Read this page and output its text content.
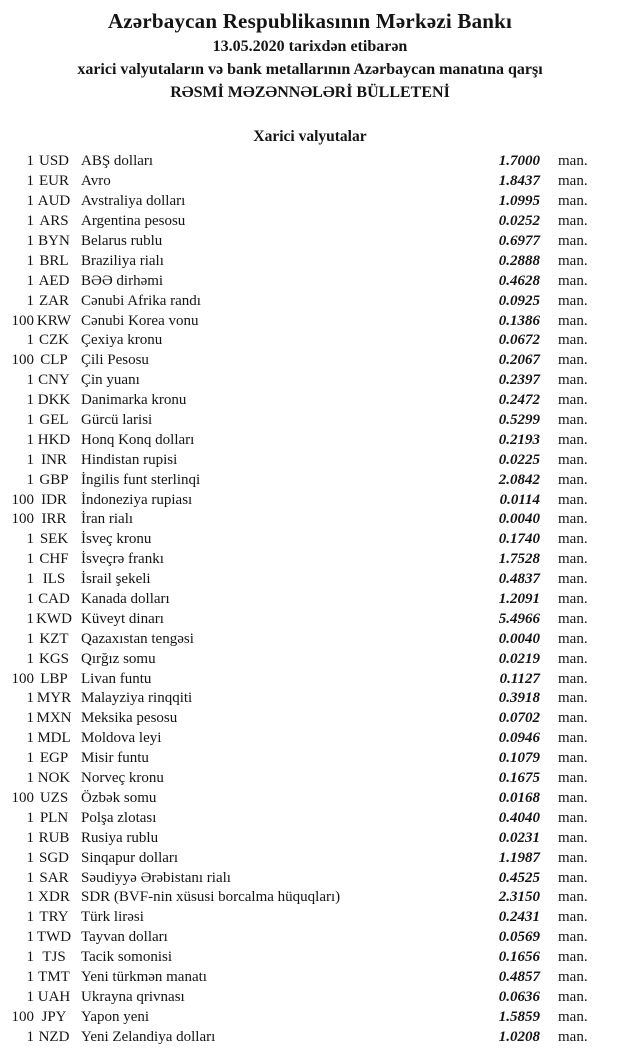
Azərbaycan Respublikasının Mərkəzi Bankı
13.05.2020 tarixdən etibarən
xarici valyutaların və bank metallarının Azərbaycan manatına qarşı
RƏSMİ MƏZƏNNƏLƏRİ BÜLLETENİ
Xarici valyutalar
1 USD ABŞ dolları	1.7000 man.
1 EUR Avro	1.8437 man.
1 AUD Avstraliya dolları	1.0995 man.
1 ARS Argentina pesosu	0.0252 man.
1 BYN Belarus rublu	0.6977 man.
1 BRL Braziliya rialı	0.2888 man.
1 AED BƏƏ dirhəmi	0.4628 man.
1 ZAR Cənubi Afrika randı	0.0925 man.
100 KRW Cənubi Korea vonu	0.1386 man.
1 CZK Çexiya kronu	0.0672 man.
100 CLP Çili Pesosu	0.2067 man.
1 CNY Çin yuanı	0.2397 man.
1 DKK Danimarka kronu	0.2472 man.
1 GEL Gürcü larisi	0.5299 man.
1 HKD Honq Konq dolları	0.2193 man.
1 INR Hindistan rupisi	0.0225 man.
1 GBP İngilis funt sterlinqi	2.0842 man.
100 IDR İndoneziya rupiası	0.0114 man.
100 IRR İran rialı	0.0040 man.
1 SEK İsveç kronu	0.1740 man.
1 CHF İsveçrə frankı	1.7528 man.
1 ILS	İsrail şekeli	0.4837 man.
1 CAD Kanada dolları	1.2091 man.
1 KWD Küveyt dinarı	5.4966 man.
1 KZT Qazaxıstan tengəsi	0.0040 man.
1 KGS Qırğız somu	0.0219 man.
100 LBP Livan funtu	0.1127 man.
1 MYR Malayziya rinqqiti	0.3918 man.
1 MXN Meksika pesosu	0.0702 man.
1 MDL Moldova leyi	0.0946 man.
1 EGP Misir funtu	0.1079 man.
1 NOK Norveç kronu	0.1675 man.
100 UZS Özbək somu	0.0168 man.
1 PLN Polşa zlotası	0.4040 man.
1 RUB Rusiya rublu	0.0231 man.
1 SGD Sinqapur dolları	1.1987 man.
1 SAR Səudiyyə Ərəbistanı rialı	0.4525 man.
1 XDR SDR (BVF-nin xüsusi borcalma hüquqları)	2.3150 man.
1 TRY Türk lirəsi	0.2431 man.
1 TWD Tayvan dolları	0.0569 man.
1 TJS	Tacik somonisi	0.1656 man.
1 TMT Yeni türkmən manatı	0.4857 man.
1 UAH Ukrayna qrivnası	0.0636 man.
100 JPY Yapon yeni	1.5859 man.
1 NZD Yeni Zelandiya dolları	1.0208 man.
